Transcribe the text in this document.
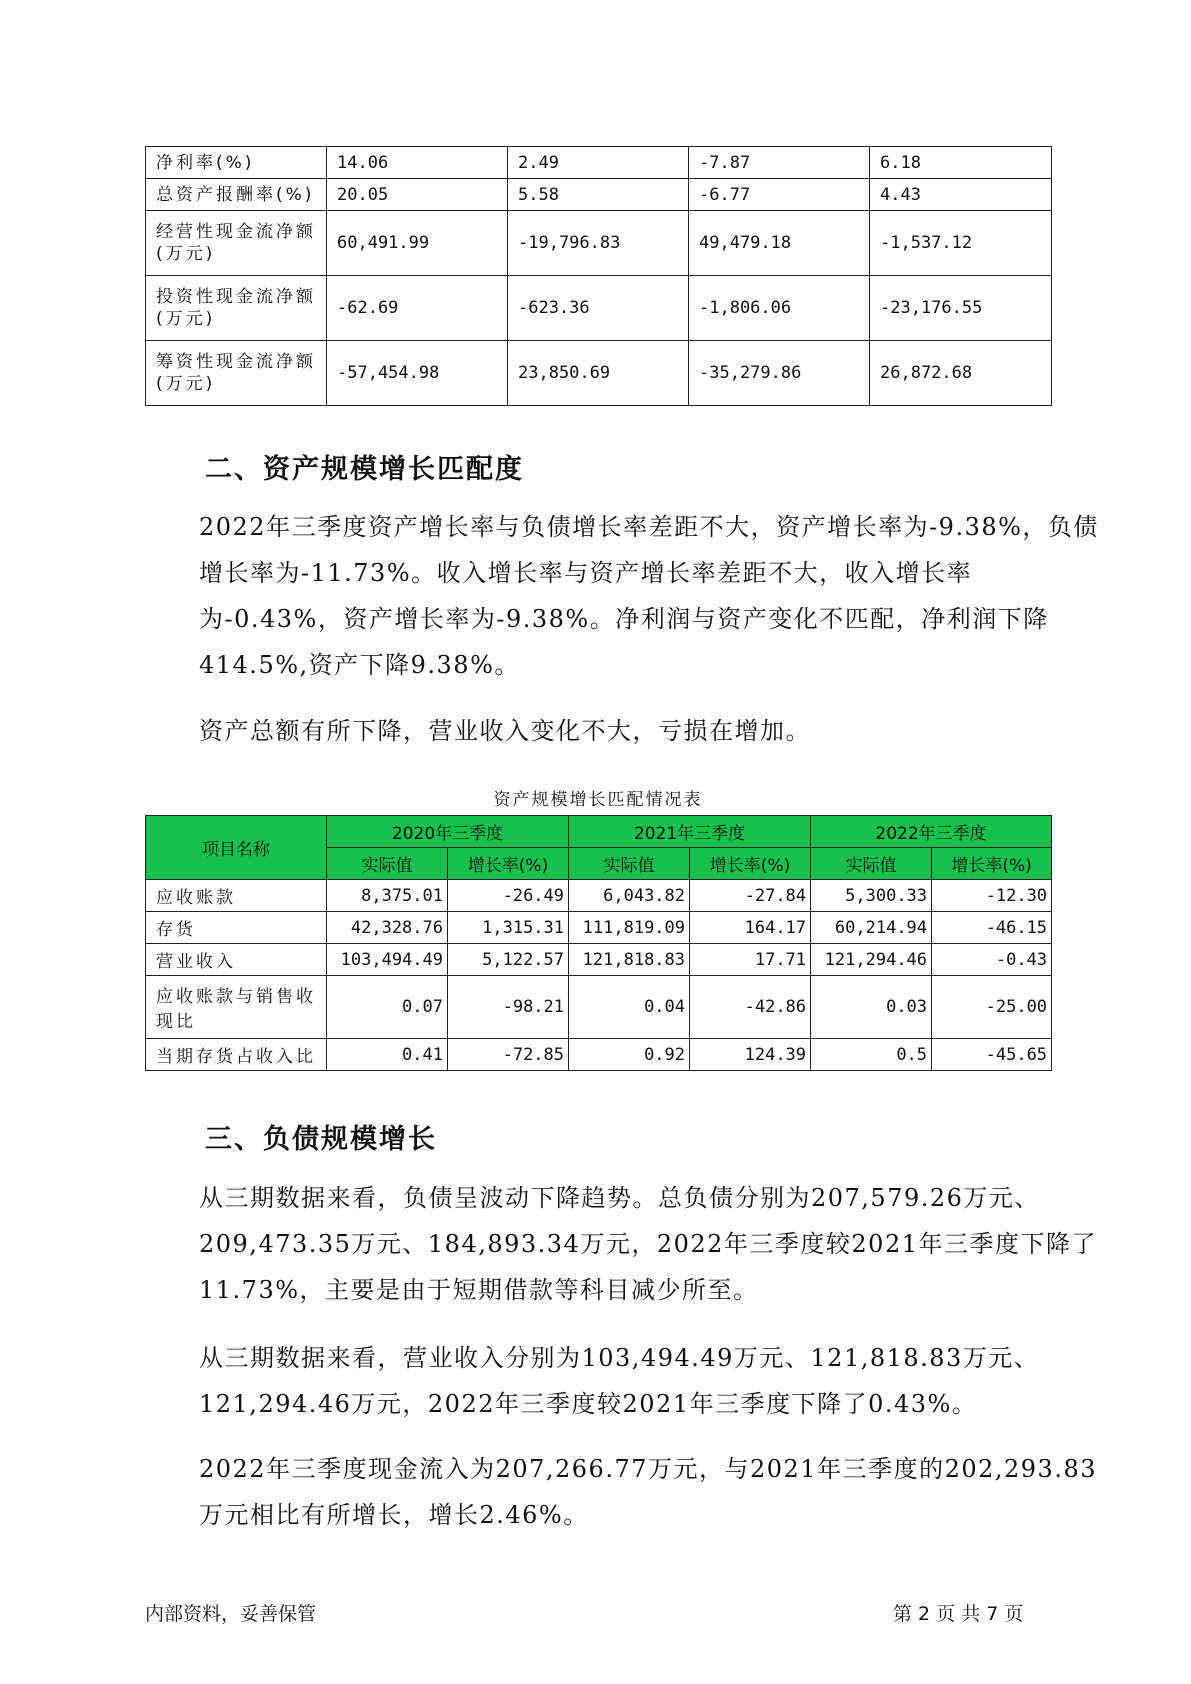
净利率(%)	14.06	2.49	-7.87	6.18
总资产报酬率(%)	20.05	5.58	-6.77	4.43
经营性现金流净额(万元)	60,491.99	-19,796.83	49,479.18	-1,537.12
投资性现金流净额(万元)	-62.69	-623.36	-1,806.06	-23,176.55
筹资性现金流净额(万元)	-57,454.98	23,850.69	-35,279.86	26,872.68
二、资产规模增长匹配度

2022年三季度资产增长率与负债增长率差距不大，资产增长率为-9.38%，负债增长率为-11.73%。收入增长率与资产增长率差距不大，收入增长率为-0.43%，资产增长率为-9.38%。净利润与资产变化不匹配，净利润下降414.5%,资产下降9.38%。

资产总额有所下降，营业收入变化不大，亏损在增加。

资产规模增长匹配情况表
项目名称	2020年三季度		2021年三季度		2022年三季度	
	实际值	增长率(%)	实际值	增长率(%)	实际值	增长率(%)
应收账款	8,375.01	-26.49	6,043.82	-27.84	5,300.33	-12.30
存货	42,328.76	1,315.31	111,819.09	164.17	60,214.94	-46.15
营业收入	103,494.49	5,122.57	121,818.83	17.71	121,294.46	-0.43
应收账款与销售收现比	0.07	-98.21	0.04	-42.86	0.03	-25.00
当期存货占收入比	0.41	-72.85	0.92	124.39	0.5	-45.65
三、负债规模增长

从三期数据来看，负债呈波动下降趋势。总负债分别为207,579.26万元、209,473.35万元、184,893.34万元，2022年三季度较2021年三季度下降了11.73%，主要是由于短期借款等科目减少所至。

从三期数据来看，营业收入分别为103,494.49万元、121,818.83万元、121,294.46万元，2022年三季度较2021年三季度下降了0.43%。

2022年三季度现金流入为207,266.77万元，与2021年三季度的202,293.83万元相比有所增长，增长2.46%。

内部资料，妥善保管	第 2 页 共 7 页
